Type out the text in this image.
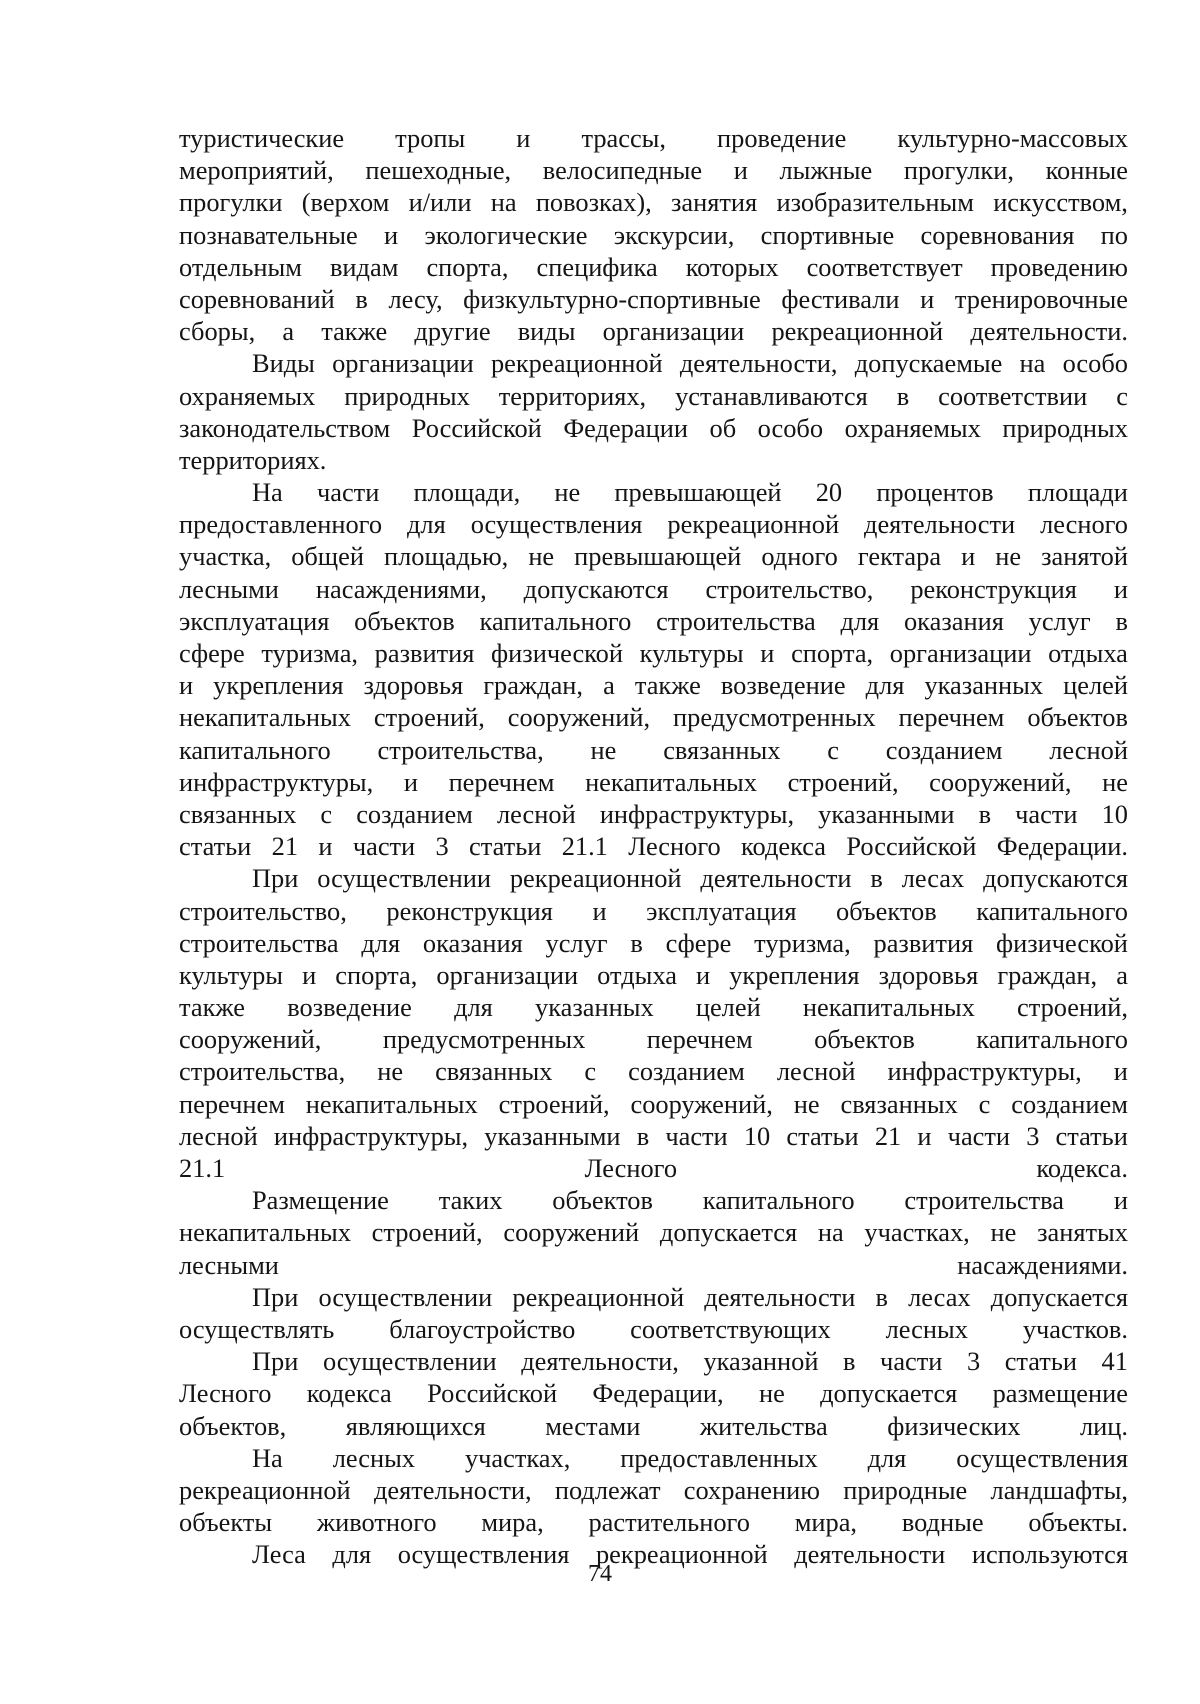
туристические тропы и трассы, проведение культурно-массовых
мероприятий, пешеходные, велосипедные и лыжные прогулки, конные
прогулки (верхом и/или на повозках), занятия изобразительным искусством,
познавательные и экологические экскурсии, спортивные соревнования по
отдельным видам спорта, специфика которых соответствует проведению
соревнований в лесу, физкультурно-спортивные фестивали и тренировочные
сборы, а также другие виды организации рекреационной деятельности.
Виды организации рекреационной деятельности, допускаемые на особо
охраняемых природных территориях, устанавливаются в соответствии с
законодательством Российской Федерации об особо охраняемых природных
территориях.
На части площади, не превышающей 20 процентов площади
предоставленного для осуществления рекреационной деятельности лесного
участка, общей площадью, не превышающей одного гектара и не занятой
лесными насаждениями, допускаются строительство, реконструкция и
эксплуатация объектов капитального строительства для оказания услуг в
сфере туризма, развития физической культуры и спорта, организации отдыха
и укрепления здоровья граждан, а также возведение для указанных целей
некапитальных строений, сооружений, предусмотренных перечнем объектов
капитального строительства, не связанных с созданием лесной
инфраструктуры, и перечнем некапитальных строений, сооружений, не
связанных с созданием лесной инфраструктуры, указанными в части 10
статьи 21 и части 3 статьи 21.1 Лесного кодекса Российской Федерации.
При осуществлении рекреационной деятельности в лесах допускаются
строительство, реконструкция и эксплуатация объектов капитального
строительства для оказания услуг в сфере туризма, развития физической
культуры и спорта, организации отдыха и укрепления здоровья граждан, а
также возведение для указанных целей некапитальных строений,
сооружений, предусмотренных перечнем объектов капитального
строительства, не связанных с созданием лесной инфраструктуры, и
перечнем некапитальных строений, сооружений, не связанных с созданием
лесной инфраструктуры, указанными в части 10 статьи 21 и части 3 статьи
21.1 Лесного кодекса.
Размещение таких объектов капитального строительства и
некапитальных строений, сооружений допускается на участках, не занятых
лесными насаждениями.
При осуществлении рекреационной деятельности в лесах допускается
осуществлять благоустройство соответствующих лесных участков.
При осуществлении деятельности, указанной в части 3 статьи 41
Лесного кодекса Российской Федерации, не допускается размещение
объектов, являющихся местами жительства физических лиц.
На лесных участках, предоставленных для осуществления
рекреационной деятельности, подлежат сохранению природные ландшафты,
объекты животного мира, растительного мира, водные объекты.
Леса для осуществления рекреационной деятельности используются
74
